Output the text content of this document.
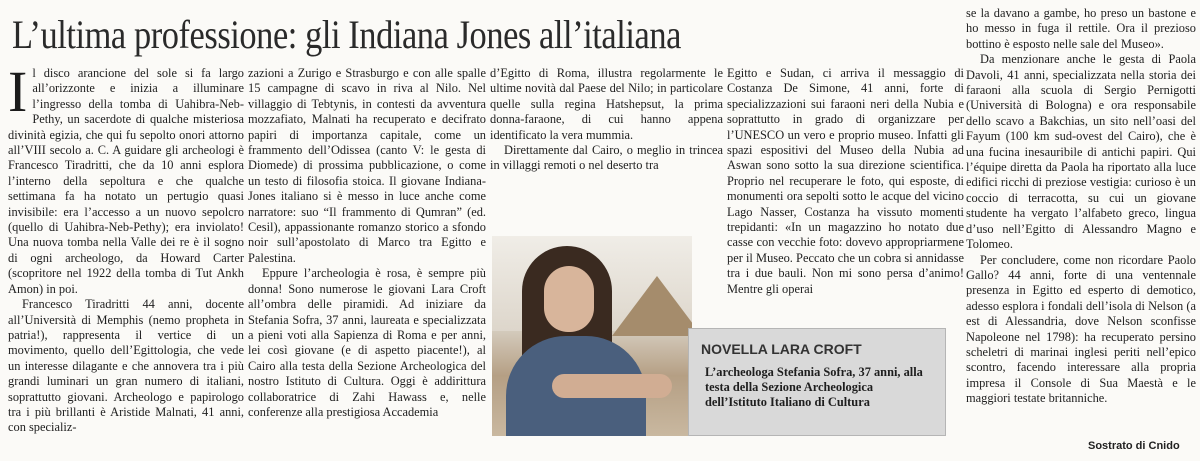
L’ultima professione: gli Indiana Jones all’italiana

Il disco arancione del sole si fa largo all’orizzonte e inizia a illuminare l’ingresso della tomba di Uahibra-Neb-Pethy, un sacerdote di qualche misteriosa divinità egizia, che qui fu sepolto onori attorno all’VIII secolo a. C. A guidare gli archeologi è Francesco Tiradritti, che da 10 anni esplora l’interno della sepoltura e che qualche settimana fa ha notato un pertugio quasi invisibile: era l’accesso a un nuovo sepolcro (quello di Uahibra-Neb-Pethy); era inviolato! Una nuova tomba nella Valle dei re è il sogno di ogni archeologo, da Howard Carter (scopritore nel 1922 della tomba di Tut Ankh Amon) in poi.

Francesco Tiradritti 44 anni, docente all’Università di Memphis (nemo propheta in patria!), rappresenta il vertice di un movimento, quello dell’Egittologia, che vede un interesse dilagante e che annovera tra i più grandi luminari un gran numero di italiani, soprattutto giovani. Archeologo e papirologo tra i più brillanti è Aristide Malnati, 41 anni, con specializ-

zazioni a Zurigo e Strasburgo e con alle spalle 15 campagne di scavo in riva al Nilo. Nel villaggio di Tebtynis, in contesti da avventura mozzafiato, Malnati ha recuperato e decifrato papiri di importanza capitale, come un frammento dell’Odissea (canto V: le gesta di Diomede) di prossima pubblicazione, o come un testo di filosofia stoica. Il giovane Indiana-Jones italiano si è messo in luce anche come narratore: suo “Il frammento di Qumran” (ed. Cesil), appassionante romanzo storico a sfondo noir sull’apostolato di Marco tra Egitto e Palestina.

Eppure l’archeologia è rosa, è sempre più donna! Sono numerose le giovani Lara Croft all’ombra delle piramidi. Ad iniziare da Stefania Sofra, 37 anni, laureata e specializzata a pieni voti alla Sapienza di Roma e per anni, lei così giovane (e di aspetto piacente!), al Cairo alla testa della Sezione Archeologica del nostro Istituto di Cultura. Oggi è addirittura collaboratrice di Zahi Hawass e, nelle conferenze alla prestigiosa Accademia

d’Egitto di Roma, illustra regolarmente le ultime novità dal Paese del Nilo; in particolare quelle sulla regina Hatshepsut, la prima donna-faraone, di cui hanno appena identificato la vera mummia.

Direttamente dal Cairo, o meglio in trincea in villaggi remoti o nel deserto tra

Egitto e Sudan, ci arriva il messaggio di Costanza De Simone, 41 anni, forte di specializzazioni sui faraoni neri della Nubia e soprattutto in grado di organizzare per l’UNESCO un vero e proprio museo. Infatti gli spazi espositivi del Museo della Nubia ad Aswan sono sotto la sua direzione scientifica. Proprio nel recuperare le foto, qui esposte, di monumenti ora sepolti sotto le acque del vicino Lago Nasser, Costanza ha vissuto momenti trepidanti: «In un magazzino ho notato due casse con vecchie foto: dovevo appropriarmene per il Museo. Peccato che un cobra si annidasse tra i due bauli. Non mi sono persa d’animo! Mentre gli operai

NOVELLA LARA CROFT
L’archeologa Stefania Sofra, 37 anni, alla testa della Sezione Archeologica dell’Istituto Italiano di Cultura

se la davano a gambe, ho preso un bastone e ho messo in fuga il rettile. Ora il prezioso bottino è esposto nelle sale del Museo».

Da menzionare anche le gesta di Paola Davoli, 41 anni, specializzata nella storia dei faraoni alla scuola di Sergio Pernigotti (Università di Bologna) e ora responsabile dello scavo a Bakchias, un sito nell’oasi del Fayum (100 km sud-ovest del Cairo), che è una fucina inesauribile di antichi papiri. Qui l’équipe diretta da Paola ha riportato alla luce edifici ricchi di preziose vestigia: curioso è un coccio di terracotta, su cui un giovane studente ha vergato l’alfabeto greco, lingua d’uso nell’Egitto di Alessandro Magno e Tolomeo.

Per concludere, come non ricordare Paolo Gallo? 44 anni, forte di una ventennale presenza in Egitto ed esperto di demotico, adesso esplora i fondali dell’isola di Nelson (a est di Alessandria, dove Nelson sconfisse Napoleone nel 1798): ha recuperato persino scheletri di marinai inglesi periti nell’epico scontro, facendo interessare alla propria impresa il Console di Sua Maestà e le maggiori testate britanniche.

Sostrato di Cnido
